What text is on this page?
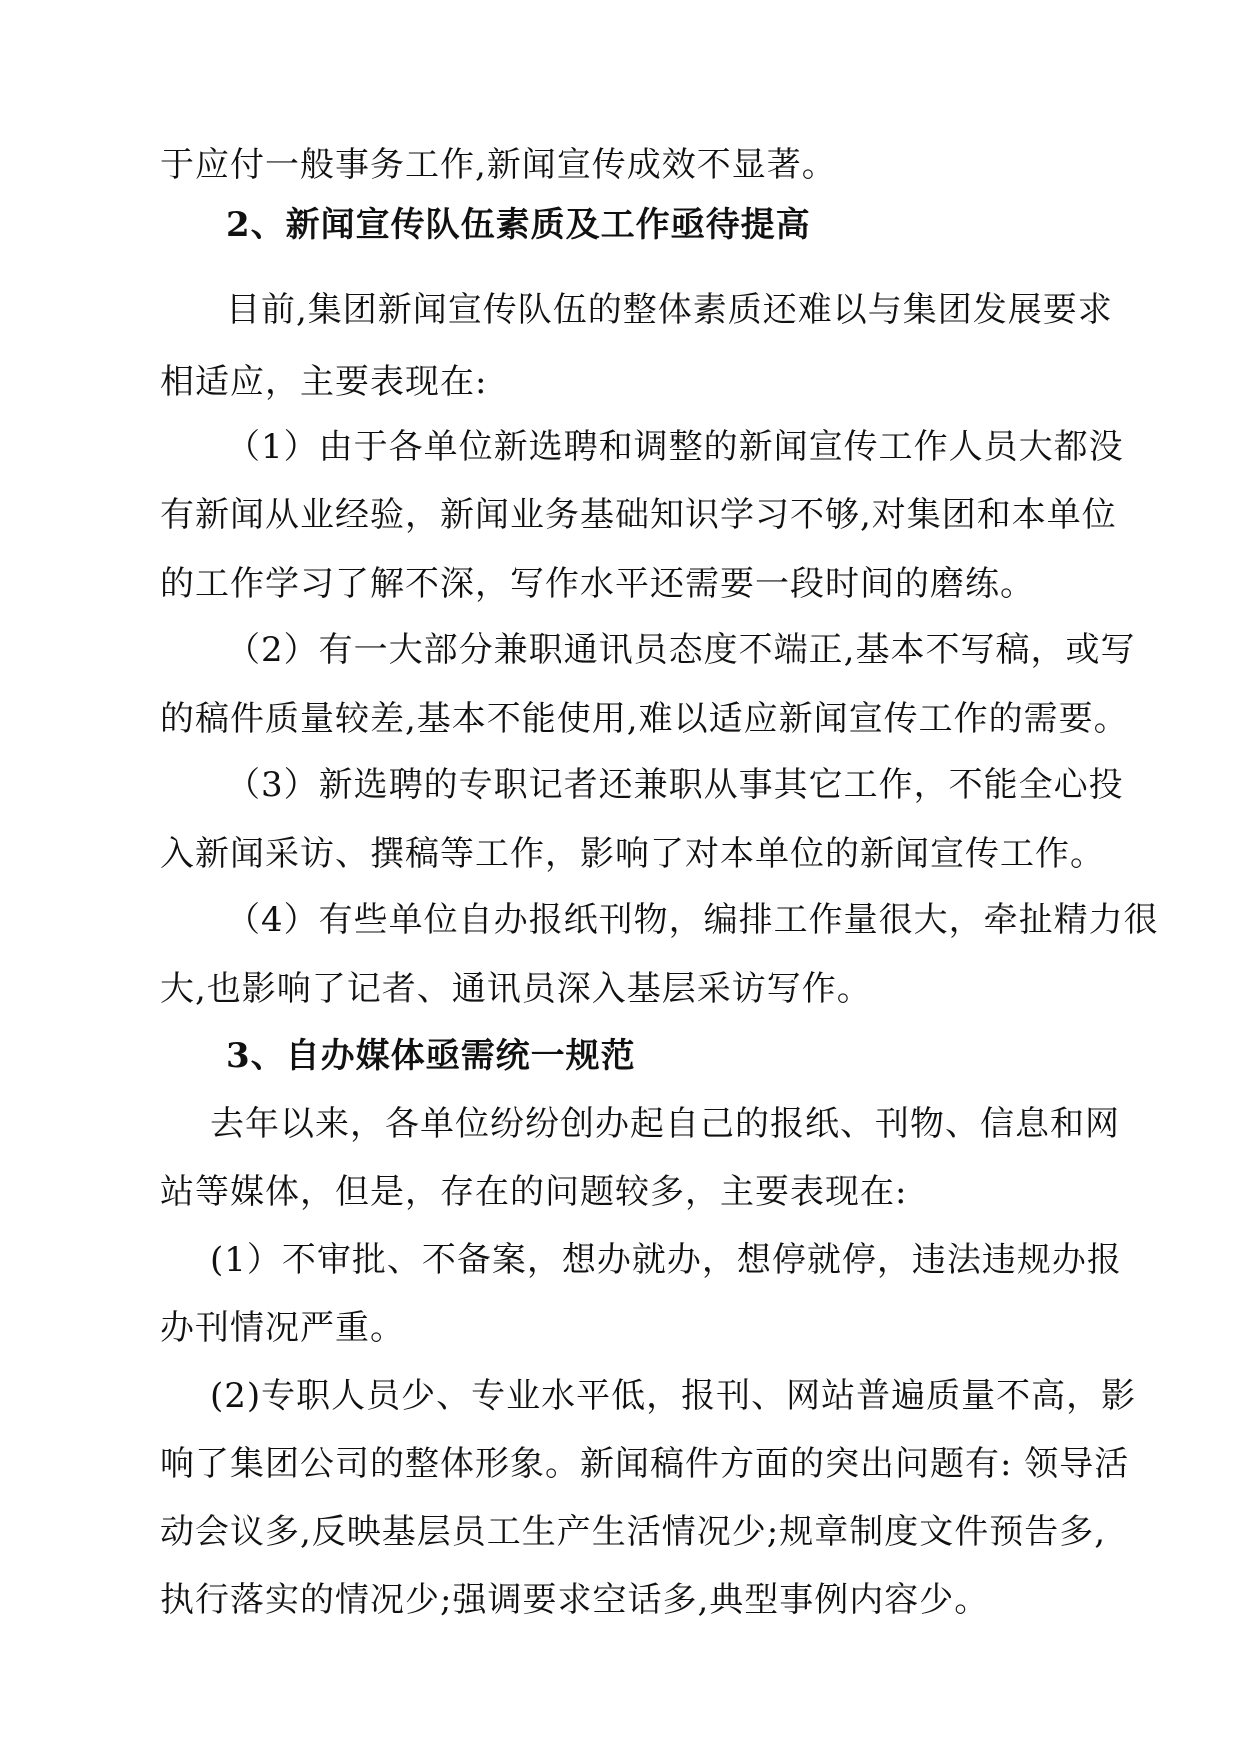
于应付一般事务工作,新闻宣传成效不显著。
2、新闻宣传队伍素质及工作亟待提高
目前,集团新闻宣传队伍的整体素质还难以与集团发展要求
相适应，主要表现在:
（1）由于各单位新选聘和调整的新闻宣传工作人员大都没
有新闻从业经验，新闻业务基础知识学习不够,对集团和本单位
的工作学习了解不深，写作水平还需要一段时间的磨练。
（2）有一大部分兼职通讯员态度不端正,基本不写稿，或写
的稿件质量较差,基本不能使用,难以适应新闻宣传工作的需要。
（3）新选聘的专职记者还兼职从事其它工作，不能全心投
入新闻采访、撰稿等工作，影响了对本单位的新闻宣传工作。
（4）有些单位自办报纸刊物，编排工作量很大，牵扯精力很
大,也影响了记者、通讯员深入基层采访写作。
3、自办媒体亟需统一规范
去年以来，各单位纷纷创办起自己的报纸、刊物、信息和网
站等媒体，但是，存在的问题较多，主要表现在:
(1）不审批、不备案，想办就办，想停就停，违法违规办报
办刊情况严重。
(2)专职人员少、专业水平低，报刊、网站普遍质量不高，影
响了集团公司的整体形象。新闻稿件方面的突出问题有: 领导活
动会议多,反映基层员工生产生活情况少;规章制度文件预告多,
执行落实的情况少;强调要求空话多,典型事例内容少。
